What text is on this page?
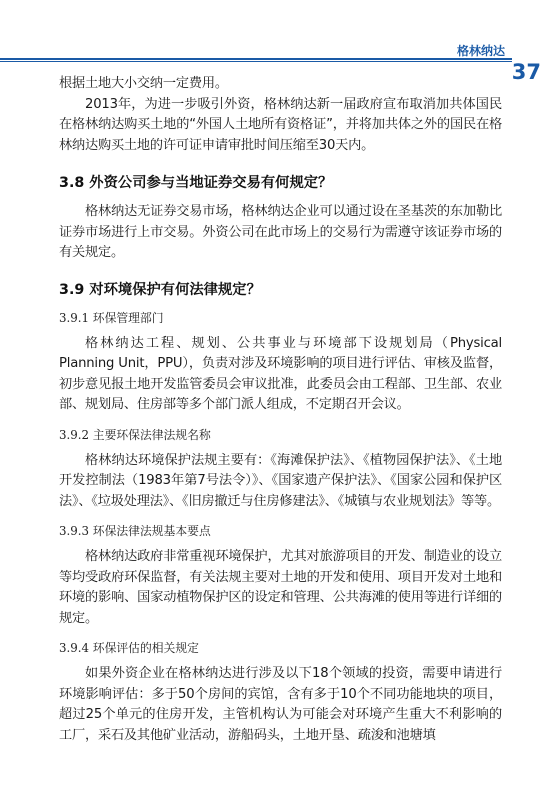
格林纳达
37

根据土地大小交纳一定费用。

2013年，为进一步吸引外资，格林纳达新一届政府宣布取消加共体国民在格林纳达购买土地的“外国人土地所有资格证”，并将加共体之外的国民在格林纳达购买土地的许可证申请审批时间压缩至30天内。

3.8 外资公司参与当地证券交易有何规定？

格林纳达无证券交易市场，格林纳达企业可以通过设在圣基茨的东加勒比证券市场进行上市交易。外资公司在此市场上的交易行为需遵守该证券市场的有关规定。

3.9 对环境保护有何法律规定？
3.9.1 环保管理部门

格林纳达工程、规划、公共事业与环境部下设规划局（Physical Planning Unit，PPU），负责对涉及环境影响的项目进行评估、审核及监督，初步意见报土地开发监管委员会审议批准，此委员会由工程部、卫生部、农业部、规划局、住房部等多个部门派人组成，不定期召开会议。

3.9.2 主要环保法律法规名称

格林纳达环境保护法规主要有：《海滩保护法》、《植物园保护法》、《土地开发控制法（1983年第7号法令）》、《国家遗产保护法》、《国家公园和保护区法》、《垃圾处理法》、《旧房撤迁与住房修建法》、《城镇与农业规划法》等等。

3.9.3 环保法律法规基本要点

格林纳达政府非常重视环境保护，尤其对旅游项目的开发、制造业的设立等均受政府环保监督，有关法规主要对土地的开发和使用、项目开发对土地和环境的影响、国家动植物保护区的设定和管理、公共海滩的使用等进行详细的规定。

3.9.4 环保评估的相关规定

如果外资企业在格林纳达进行涉及以下18个领域的投资，需要申请进行环境影响评估：多于50个房间的宾馆，含有多于10个不同功能地块的项目，超过25个单元的住房开发，主管机构认为可能会对环境产生重大不利影响的工厂，采石及其他矿业活动，游船码头，土地开垦、疏浚和池塘填
